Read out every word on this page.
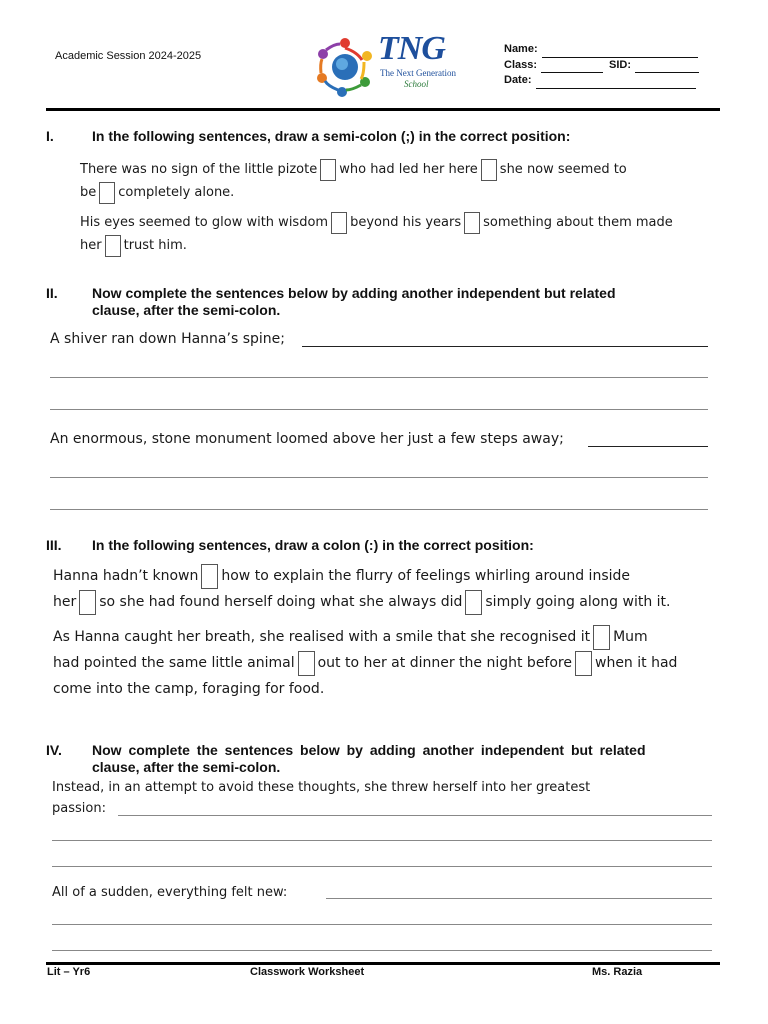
Academic Session 2024-2025	TNG
The Next Generation
School
Name:
Class:	SID:
Date:
I.	In the following sentences, draw a semi-colon (;) in the correct position:
There was no sign of the little pizote who had led her here she now seemed to
be completely alone.
His eyes seemed to glow with wisdom beyond his years something about them made
her trust him.
II. Now complete the sentences below by adding another independent but related
clause, after the semi-colon.
A shiver ran down Hanna’s spine;
An enormous, stone monument loomed above her just a few steps away;
III. In the following sentences, draw a colon (:) in the correct position:
Hanna hadn’t known how to explain the flurry of feelings whirling around inside
her so she had found herself doing what she always did simply going along with it.
As Hanna caught her breath, she realised with a smile that she recognised it Mum
had pointed the same little animal out to her at dinner the night before when it had
come into the camp, foraging for food.
IV. Now complete the sentences below by adding another independent but related
clause, after the semi-colon.
Instead, in an attempt to avoid these thoughts, she threw herself into her greatest
passion:
All of a sudden, everything felt new:
Lit – Yr6	Classwork Worksheet	Ms. Razia
